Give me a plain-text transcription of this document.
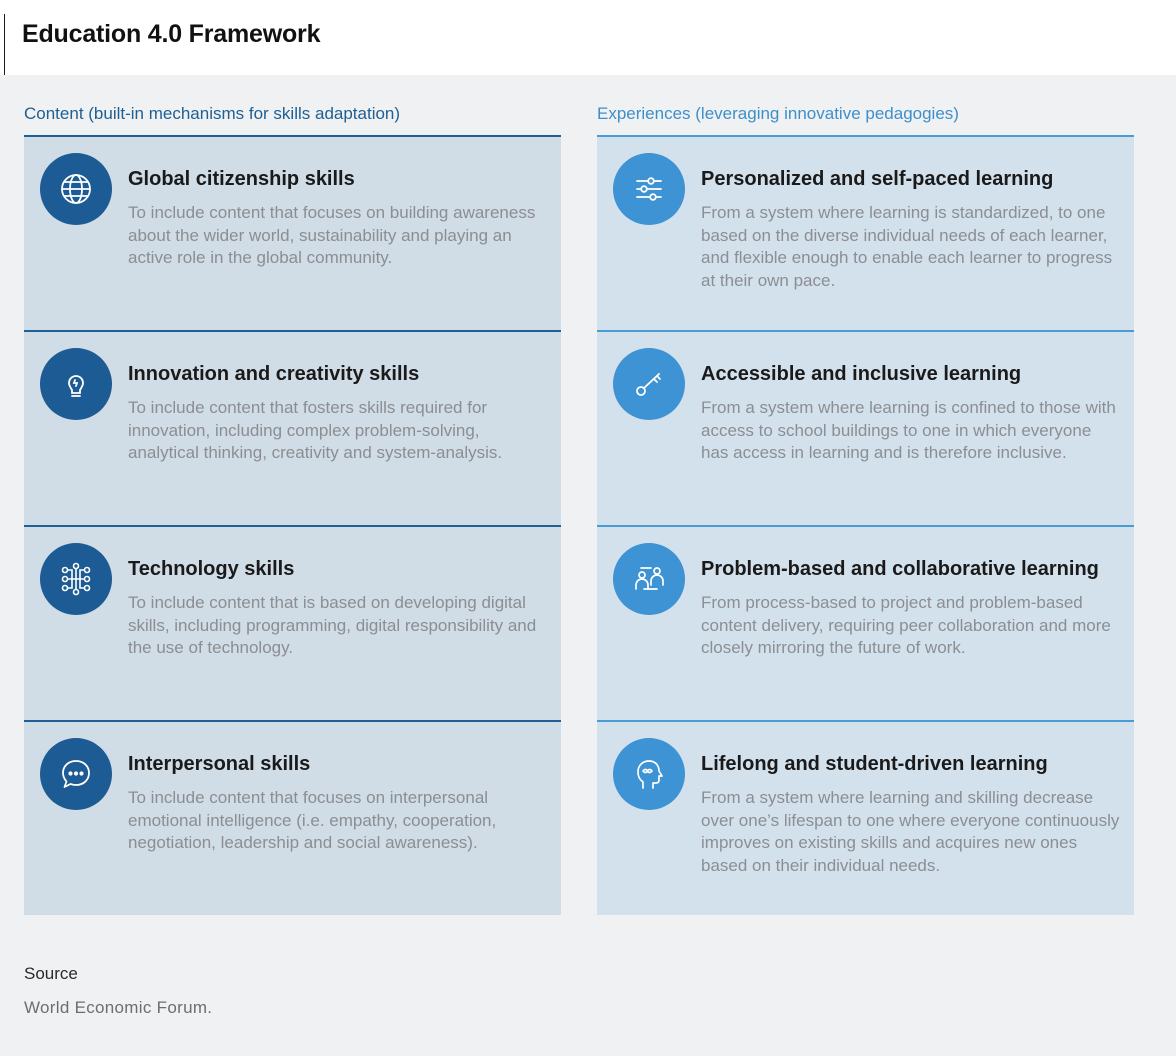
Education 4.0 Framework
Content (built-in mechanisms for skills adaptation)	Experiences (leveraging innovative pedagogies)
Global citizenship skills
To include content that focuses on building awareness about the wider world, sustainability and playing an active role in the global community.
Innovation and creativity skills
To include content that fosters skills required for innovation, including complex problem-solving, analytical thinking, creativity and system-analysis.
Technology skills
To include content that is based on developing digital skills, including programming, digital responsibility and the use of technology.
Interpersonal skills
To include content that focuses on interpersonal emotional intelligence (i.e. empathy, cooperation, negotiation, leadership and social awareness).
Personalized and self-paced learning
From a system where learning is standardized, to one based on the diverse individual needs of each learner, and flexible enough to enable each learner to progress at their own pace.
Accessible and inclusive learning
From a system where learning is confined to those with access to school buildings to one in which everyone has access in learning and is therefore inclusive.
Problem-based and collaborative learning
From process-based to project and problem-based content delivery, requiring peer collaboration and more closely mirroring the future of work.
Lifelong and student-driven learning
From a system where learning and skilling decrease over one’s lifespan to one where everyone continuously improves on existing skills and acquires new ones based on their individual needs.
Source
World Economic Forum.
